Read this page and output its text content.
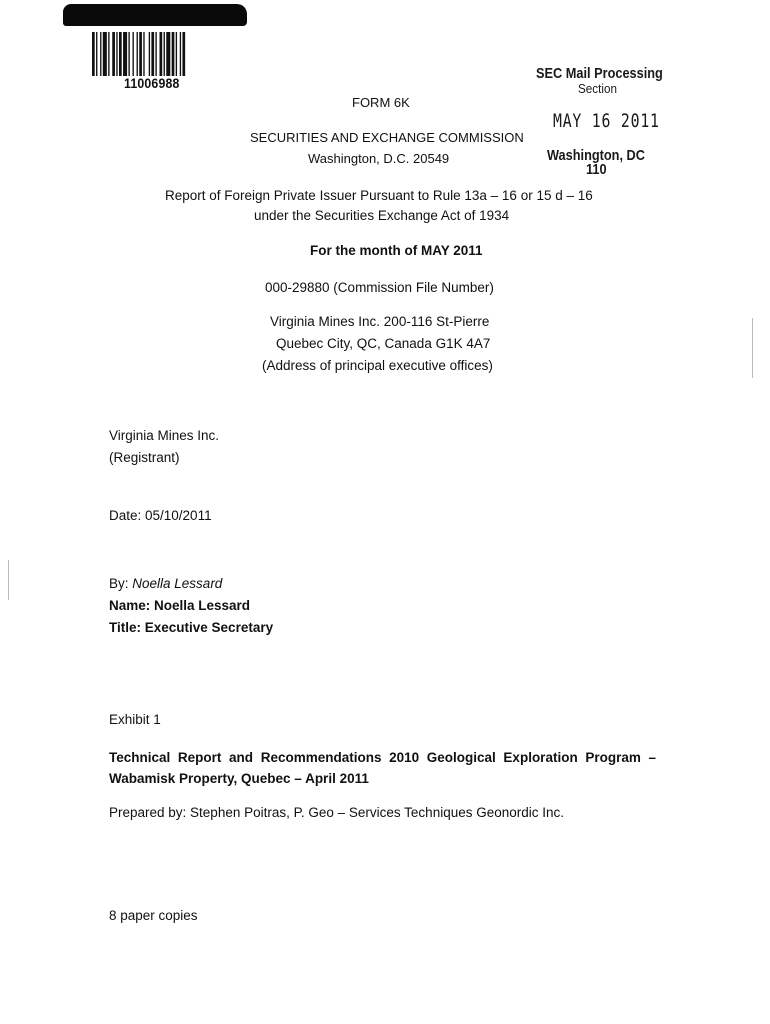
11006988
SEC Mail Processing
Section
MAY 16 2011
Washington, DC
110
FORM 6K
SECURITIES AND EXCHANGE COMMISSION
Washington, D.C. 20549
Report of Foreign Private Issuer Pursuant to Rule 13a – 16 or 15 d – 16
under the Securities Exchange Act of 1934
For the month of MAY 2011
000-29880 (Commission File Number)
Virginia Mines Inc. 200-116 St-Pierre
Quebec City, QC, Canada G1K 4A7
(Address of principal executive offices)
Virginia Mines Inc.
(Registrant)
Date: 05/10/2011
By: Noella Lessard
Name: Noella Lessard
Title: Executive Secretary
Exhibit 1
Technical Report and Recommendations 2010 Geological Exploration Program – Wabamisk Property, Quebec – April 2011
Prepared by: Stephen Poitras, P. Geo – Services Techniques Geonordic Inc.
8 paper copies
